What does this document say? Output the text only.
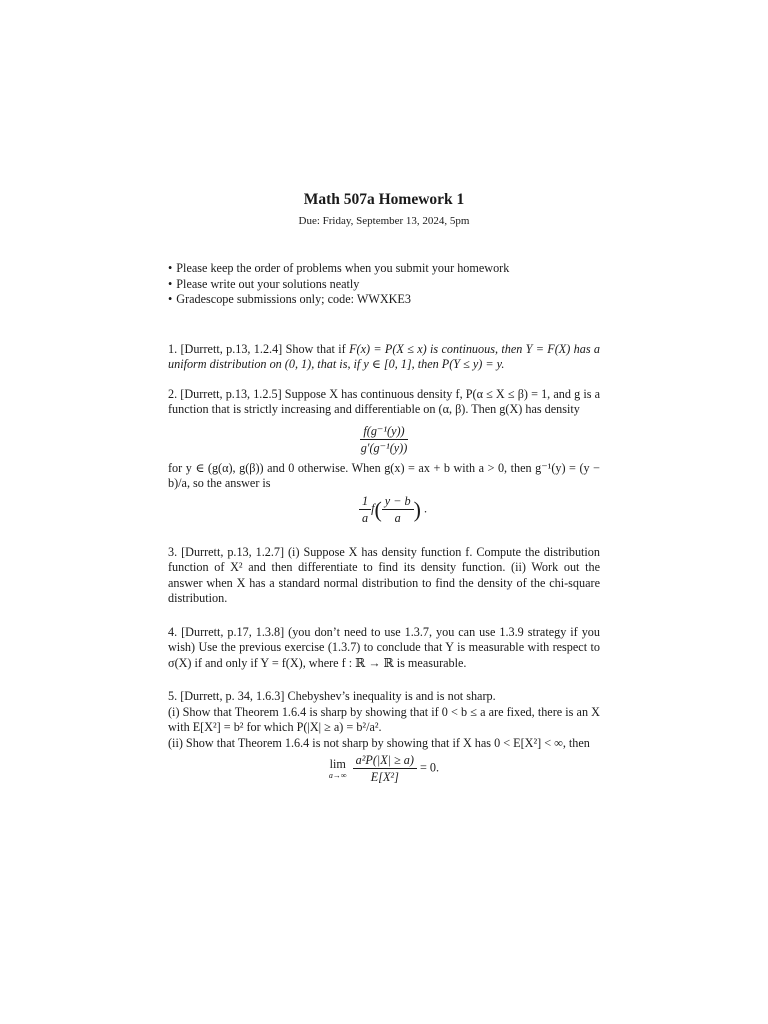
Math 507a Homework 1
Due: Friday, September 13, 2024, 5pm
• Please keep the order of problems when you submit your homework
• Please write out your solutions neatly
• Gradescope submissions only; code: WWXKE3

1. [Durrett, p.13, 1.2.4] Show that if F(x) = P(X ≤ x) is continuous, then Y = F(X) has a uniform distribution on (0, 1), that is, if y ∈ [0, 1], then P(Y ≤ y) = y.

2. [Durrett, p.13, 1.2.5] Suppose X has continuous density f, P(α ≤ X ≤ β) = 1, and g is a function that is strictly increasing and differentiable on (α, β). Then g(X) has density

$\frac{\text{f(g⁻¹(y))}}{\text{g′(g⁻¹(y))}}$

for y ∈ (g(α), g(β)) and 0 otherwise. When g(x) = ax + b with a > 0, then g⁻¹(y) = (y − b)/a, so the answer is

$\frac{1}{a} f( \frac{y - b}{a}$ ) .

3. [Durrett, p.13, 1.2.7] (i) Suppose X has density function f. Compute the distribution function of X² and then differentiate to find its density function. (ii) Work out the answer when X has a standard normal distribution to find the density of the chi-square distribution.

4. [Durrett, p.17, 1.3.8] (you don’t need to use 1.3.7, you can use 1.3.9 strategy if you wish) Use the previous exercise (1.3.7) to conclude that Y is measurable with respect to σ(X) if and only if Y = f(X), where f : ℝ → ℝ is measurable.

5. [Durrett, p. 34, 1.6.3] Chebyshev’s inequality is and is not sharp.

(i) Show that Theorem 1.6.4 is sharp by showing that if 0 < b ≤ a are fixed, there is an X with E[X²] = b² for which P(|X| ≥ a) = b²/a².

(ii) Show that Theorem 1.6.4 is not sharp by showing that if X has 0 < E[X²] < ∞, then

lim
$a\to\infty \frac{\text{a²P(|X| ≥ a)}}{\text{E[X²]}} = 0$.
